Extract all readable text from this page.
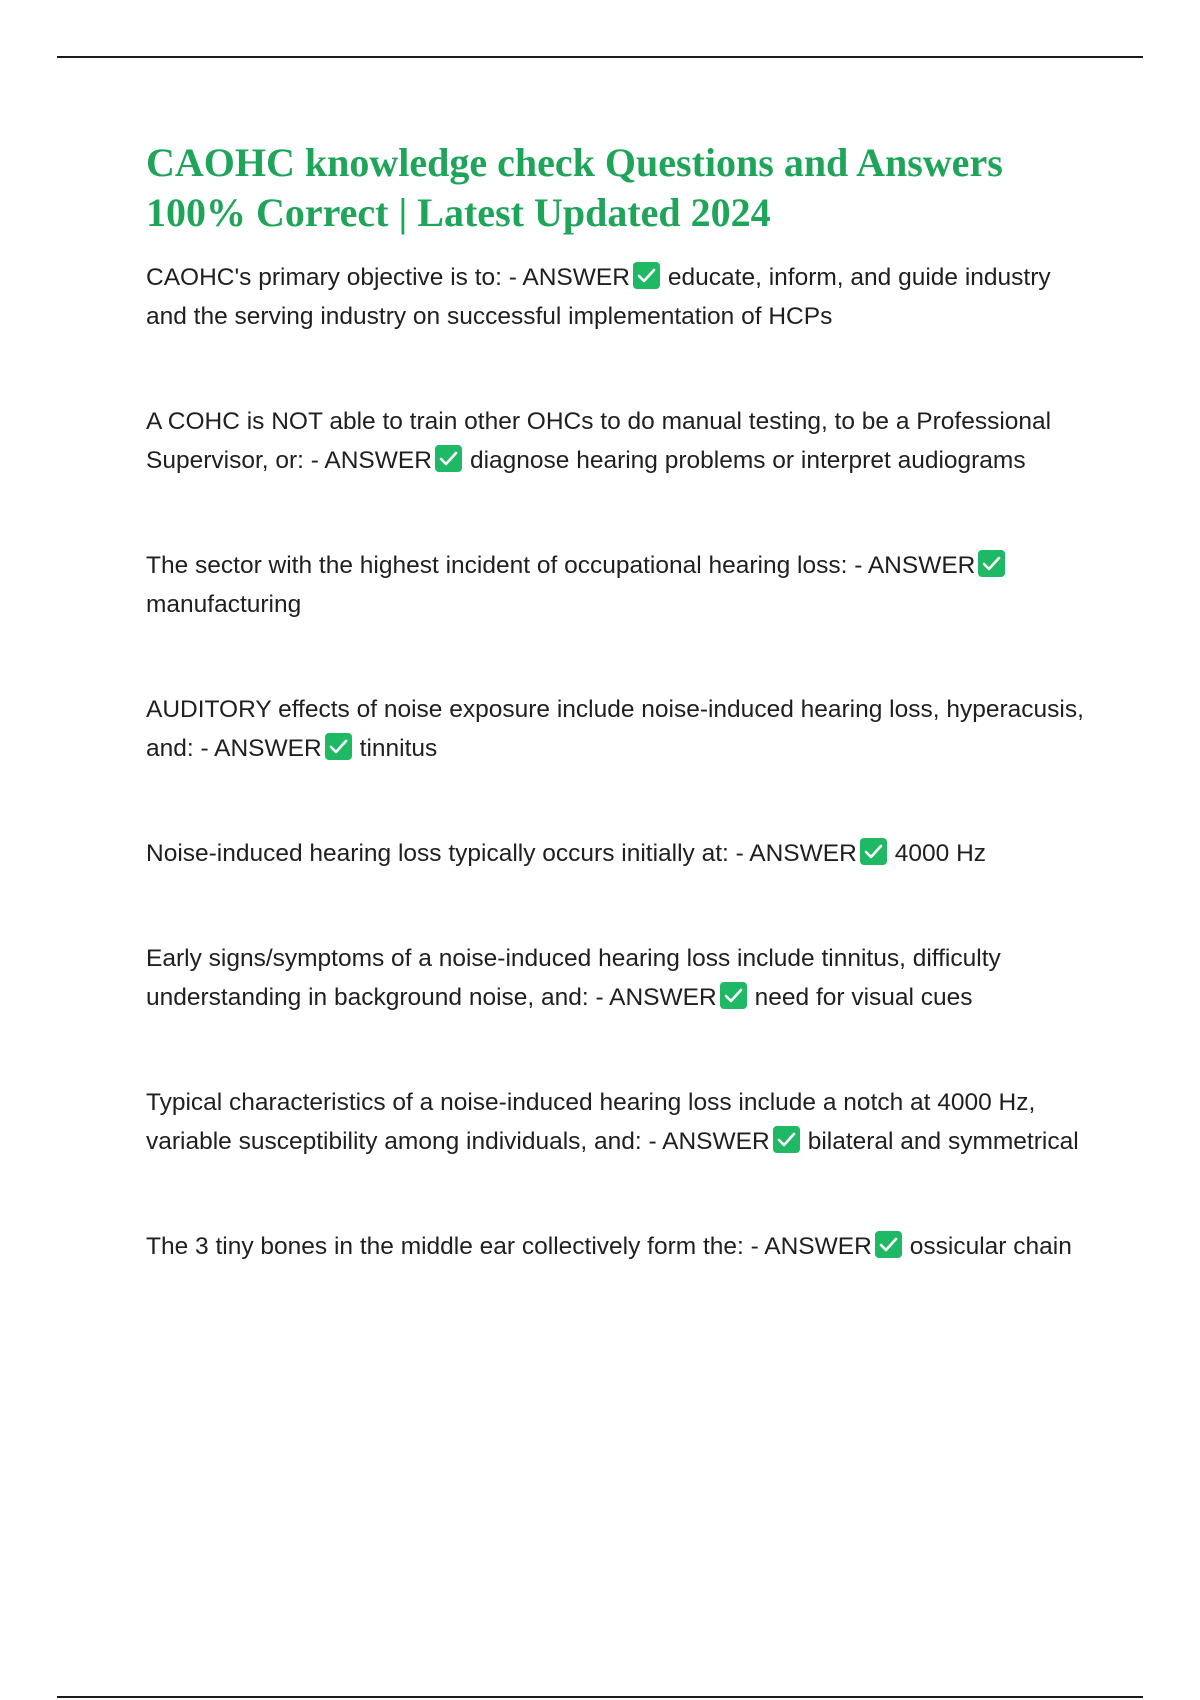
CAOHC knowledge check Questions and Answers
100% Correct | Latest Updated 2024

CAOHC's primary objective is to: - ANSWER educate, inform, and guide industry and the serving industry on successful implementation of HCPs

A COHC is NOT able to train other OHCs to do manual testing, to be a Professional Supervisor, or: - ANSWER diagnose hearing problems or interpret audiograms

The sector with the highest incident of occupational hearing loss: - ANSWER
manufacturing

AUDITORY effects of noise exposure include noise-induced hearing loss, hyperacusis, and: - ANSWER tinnitus

Noise-induced hearing loss typically occurs initially at: - ANSWER 4000 Hz

Early signs/symptoms of a noise-induced hearing loss include tinnitus, difficulty understanding in background noise, and: - ANSWER need for visual cues

Typical characteristics of a noise-induced hearing loss include a notch at 4000 Hz, variable susceptibility among individuals, and: - ANSWER bilateral and symmetrical

The 3 tiny bones in the middle ear collectively form the: - ANSWER ossicular chain
